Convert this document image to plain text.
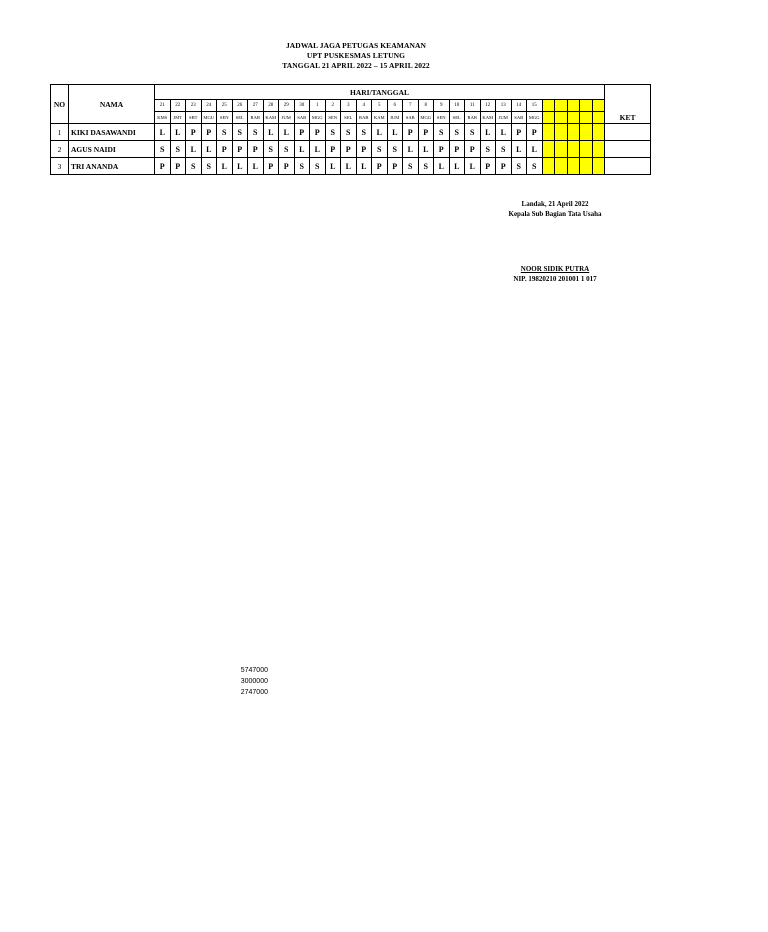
JADWAL JAGA PETUGAS KEAMANAN
UPT PUSKESMAS LETUNG
TANGGAL 21 APRIL 2022 – 15 APRIL 2022
NO	NAMA	HARI/TANGGAL																														KET
		21	22	23	24	25	26	27	28	29	30	1	2	3	4	5	6	7	8	9	10	11	12	13	14	15						
		KMS	JMT	SBT	MGU	SEN	SEL	RAB	KAM	JUM	SAB	MGG	SEN	SEL	RAB	KAM	JUM	SAB	MGG	SEN	SEL	RAB	KAM	JUM	SAB	MGG						
1	KIKI DASAWANDI	L	L	P	P	S	S	S	L	L	P	P	S	S	S	L	L	P	P	S	S	S	L	L	P	P						
2	AGUS NAIDI	S	S	L	L	P	P	P	S	S	L	L	P	P	P	S	S	L	L	P	P	P	S	S	L	L						
3	TRI ANANDA	P	P	S	S	L	L	L	P	P	S	S	L	L	L	P	P	S	S	L	L	L	P	P	S	S						
Landak, 21 April 2022
Kepala Sub Bagian Tata Usaha
NOOR SIDIK PUTRA
NIP. 19820210 201001 1 017
5747000
3000000
2747000
